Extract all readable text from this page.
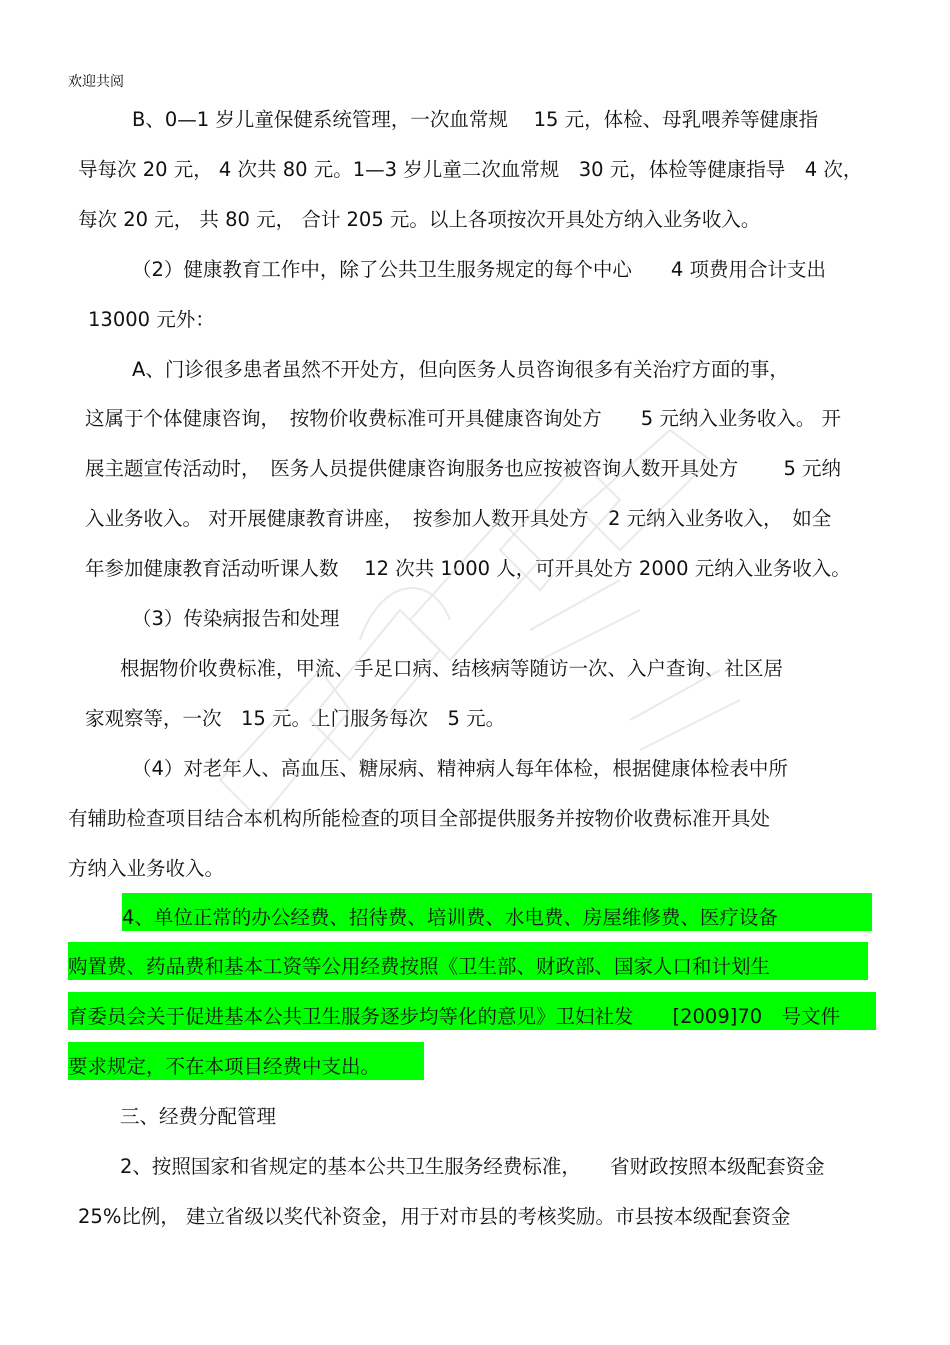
欢迎共阅
B、0—1 岁儿童保健系统管理，一次血常规　 15 元，体检、母乳喂养等健康指
导每次 20 元， 4 次共 80 元。1—3 岁儿童二次血常规　30 元，体检等健康指导　4 次，
每次 20 元， 共 80 元， 合计 205 元。以上各项按次开具处方纳入业务收入。
（2）健康教育工作中，除了公共卫生服务规定的每个中心　　4 项费用合计支出
13000 元外：
A、门诊很多患者虽然不开处方，但向医务人员咨询很多有关治疗方面的事，
这属于个体健康咨询，　按物价收费标准可开具健康咨询处方　　5 元纳入业务收入。 开
展主题宣传活动时，　医务人员提供健康咨询服务也应按被咨询人数开具处方　　 5 元纳
入业务收入。 对开展健康教育讲座，　按参加人数开具处方　2 元纳入业务收入，　如全
年参加健康教育活动听课人数　 12 次共 1000 人，可开具处方 2000 元纳入业务收入。
（3）传染病报告和处理
根据物价收费标准，甲流、手足口病、结核病等随访一次、入户查询、社区居
家观察等，一次　15 元。上门服务每次　5 元。
（4）对老年人、高血压、糖尿病、精神病人每年体检，根据健康体检表中所
有辅助检查项目结合本机构所能检查的项目全部提供服务并按物价收费标准开具处
方纳入业务收入。
4、单位正常的办公经费、招待费、培训费、水电费、房屋维修费、医疗设备
购置费、药品费和基本工资等公用经费按照《卫生部、财政部、国家人口和计划生
育委员会关于促进基本公共卫生服务逐步均等化的意见》卫妇社发　　[2009]70　号文件
要求规定，不在本项目经费中支出。
三、经费分配管理
2、按照国家和省规定的基本公共卫生服务经费标准，　　省财政按照本级配套资金
25%比例， 建立省级以奖代补资金，用于对市县的考核奖励。市县按本级配套资金
